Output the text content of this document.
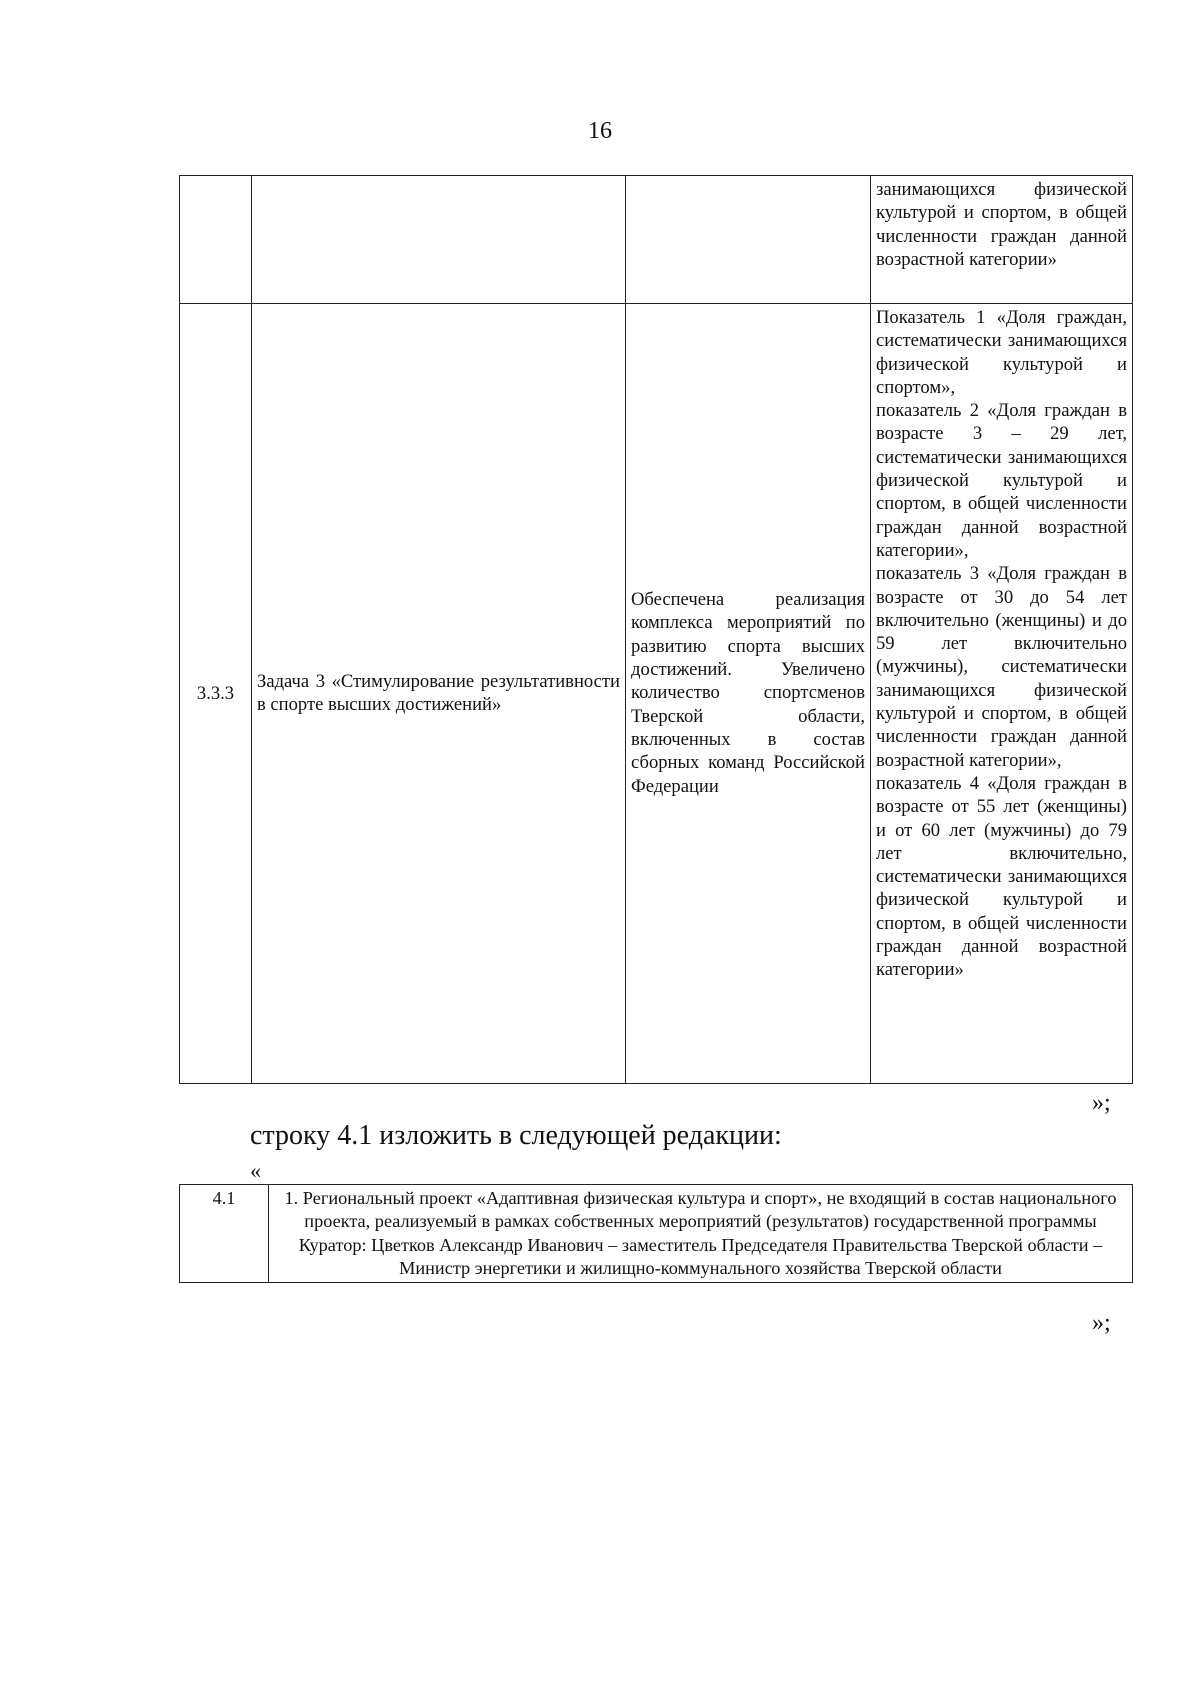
16
			занимающихся физической культурой и спортом, в общей численности граждан данной возрастной категории»
3.3.3	Задача 3 «Стимулирование результативности в спорте высших достижений»	Обеспечена реализация комплекса мероприятий по развитию спорта высших достижений. Увеличено количество спортсменов Тверской области, включенных в состав сборных команд Российской Федерации	Показатель 1 «Доля граждан, систематически занимающихся физической культурой и спортом»,
показатель 2 «Доля граждан в возрасте 3 – 29 лет, систематически занимающихся физической культурой и спортом, в общей численности граждан данной возрастной категории»,
показатель 3 «Доля граждан в возрасте от 30 до 54 лет включительно (женщины) и до 59 лет включительно (мужчины), систематически занимающихся физической культурой и спортом, в общей численности граждан данной возрастной категории»,
показатель 4 «Доля граждан в возрасте от 55 лет (женщины) и от 60 лет (мужчины) до 79 лет включительно, систематически занимающихся физической культурой и спортом, в общей численности граждан данной возрастной категории»
»;
строку 4.1 изложить в следующей редакции:
«
4.1	1. Региональный проект «Адаптивная физическая культура и спорт», не входящий в состав национального проекта, реализуемый в рамках собственных мероприятий (результатов) государственной программы
Куратор: Цветков Александр Иванович – заместитель Председателя Правительства Тверской области – Министр энергетики и жилищно-коммунального хозяйства Тверской области
»;
